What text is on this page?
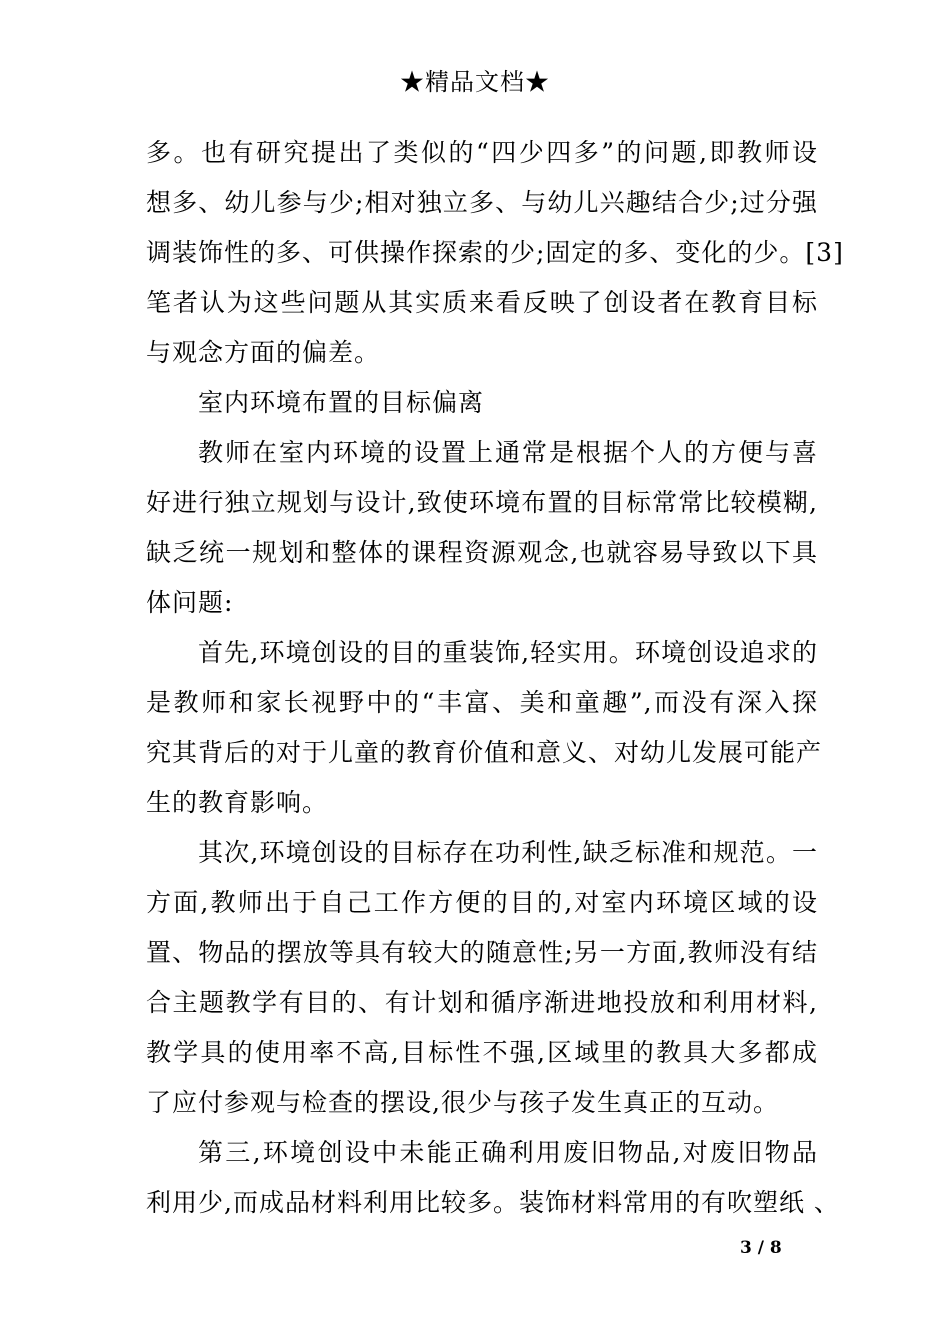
★精品文档★
多。也有研究提出了类似的“四少四多”的问题,即教师设
想多、幼儿参与少;相对独立多、与幼儿兴趣结合少;过分强
调装饰性的多、可供操作探索的少;固定的多、变化的少。[3]
笔者认为这些问题从其实质来看反映了创设者在教育目标
与观念方面的偏差。
室内环境布置的目标偏离
教师在室内环境的设置上通常是根据个人的方便与喜
好进行独立规划与设计,致使环境布置的目标常常比较模糊,
缺乏统一规划和整体的课程资源观念,也就容易导致以下具
体问题:
首先,环境创设的目的重装饰,轻实用。环境创设追求的
是教师和家长视野中的“丰富、美和童趣”,而没有深入探
究其背后的对于儿童的教育价值和意义、对幼儿发展可能产
生的教育影响。
其次,环境创设的目标存在功利性,缺乏标准和规范。一
方面,教师出于自己工作方便的目的,对室内环境区域的设
置、物品的摆放等具有较大的随意性;另一方面,教师没有结
合主题教学有目的、有计划和循序渐进地投放和利用材料,
教学具的使用率不高,目标性不强,区域里的教具大多都成
了应付参观与检查的摆设,很少与孩子发生真正的互动。
第三,环境创设中未能正确利用废旧物品,对废旧物品
利用少,而成品材料利用比较多。装饰材料常用的有吹塑纸 、
3 / 8
